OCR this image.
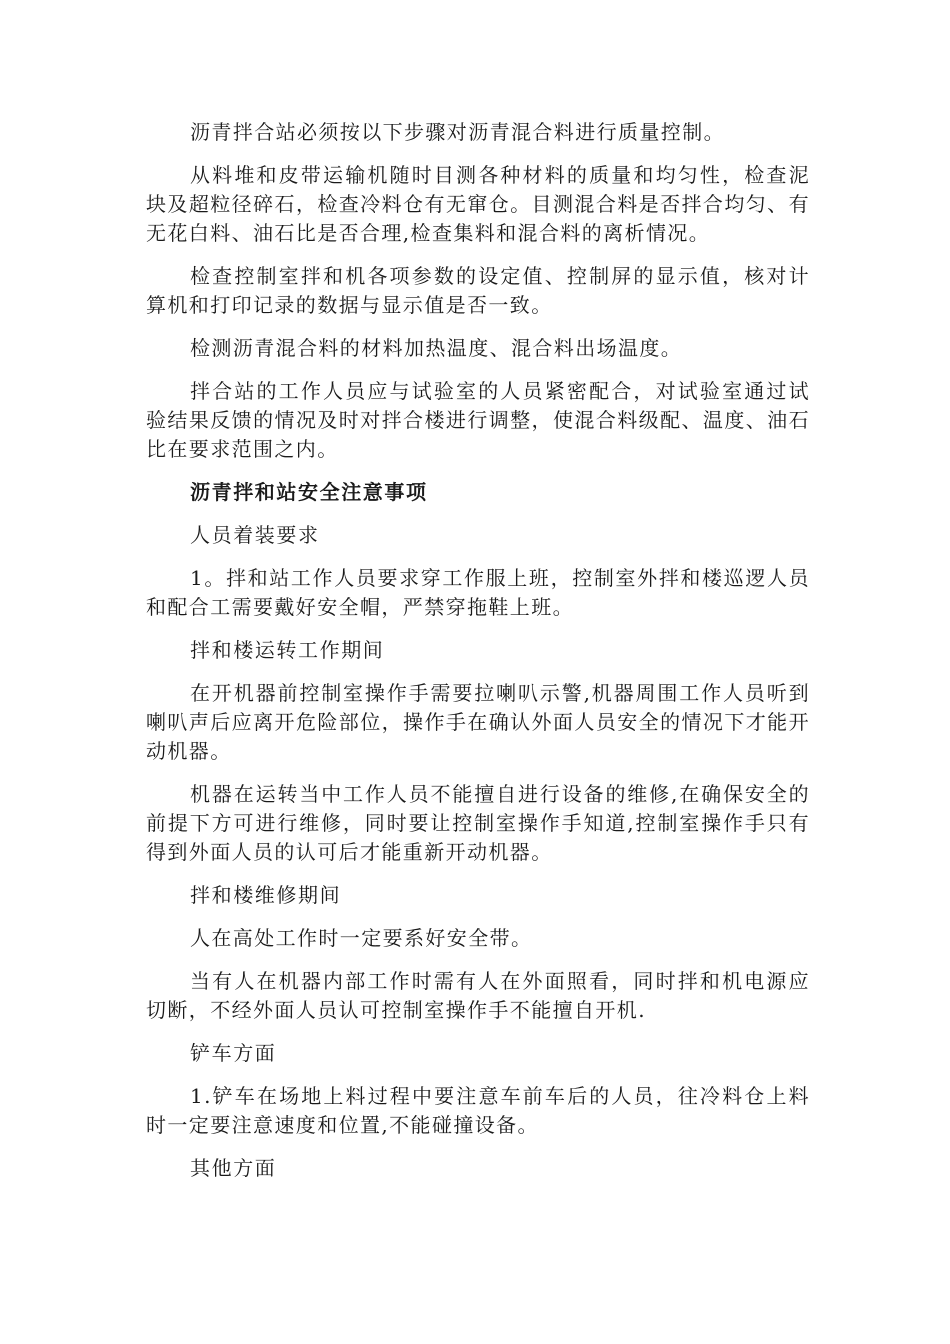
沥青拌合站必须按以下步骤对沥青混合料进行质量控制。

从料堆和皮带运输机随时目测各种材料的质量和均匀性，检查泥块及超粒径碎石，检查冷料仓有无窜仓。目测混合料是否拌合均匀、有无花白料、油石比是否合理,检查集料和混合料的离析情况。

检查控制室拌和机各项参数的设定值、控制屏的显示值，核对计算机和打印记录的数据与显示值是否一致。

检测沥青混合料的材料加热温度、混合料出场温度。

拌合站的工作人员应与试验室的人员紧密配合，对试验室通过试验结果反馈的情况及时对拌合楼进行调整，使混合料级配、温度、油石比在要求范围之内。

沥青拌和站安全注意事项

人员着装要求

1。拌和站工作人员要求穿工作服上班，控制室外拌和楼巡逻人员和配合工需要戴好安全帽，严禁穿拖鞋上班。

拌和楼运转工作期间

在开机器前控制室操作手需要拉喇叭示警,机器周围工作人员听到喇叭声后应离开危险部位，操作手在确认外面人员安全的情况下才能开动机器。

机器在运转当中工作人员不能擅自进行设备的维修,在确保安全的前提下方可进行维修，同时要让控制室操作手知道,控制室操作手只有得到外面人员的认可后才能重新开动机器。

拌和楼维修期间

人在高处工作时一定要系好安全带。

当有人在机器内部工作时需有人在外面照看，同时拌和机电源应切断，不经外面人员认可控制室操作手不能擅自开机.

铲车方面

1.铲车在场地上料过程中要注意车前车后的人员，往冷料仓上料时一定要注意速度和位置,不能碰撞设备。

其他方面
